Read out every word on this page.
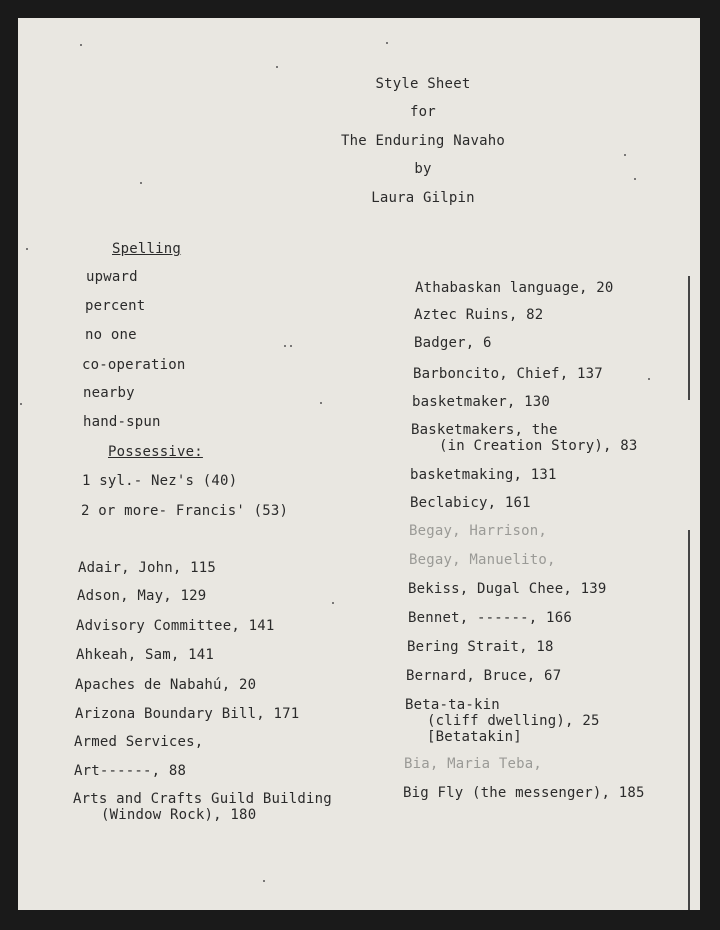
Style Sheet
for
The Enduring Navaho
by
Laura Gilpin
Spelling
upward
percent
no one
co-operation
nearby
hand-spun
Possessive:
1 syl.- Nez's (40)
2 or more- Francis' (53)
Adair, John, 115
Adson, May, 129
Advisory Committee, 141
Ahkeah, Sam, 141
Apaches de Nabahú, 20
Arizona Boundary Bill, 171
Armed Services,
Art------, 88
Arts and Crafts Guild Building
(Window Rock), 180
Athabaskan language, 20
Aztec Ruins, 82
Badger, 6
Barboncito, Chief, 137
basketmaker, 130
Basketmakers, the
(in Creation Story), 83
basketmaking, 131
Beclabicy, 161
Begay, Harrison,
Begay, Manuelito,
Bekiss, Dugal Chee, 139
Bennet, ------, 166
Bering Strait, 18
Bernard, Bruce, 67
Beta-ta-kin
(cliff dwelling), 25
[Betatakin]
Bia, Maria Teba,
Big Fly (the messenger), 185
